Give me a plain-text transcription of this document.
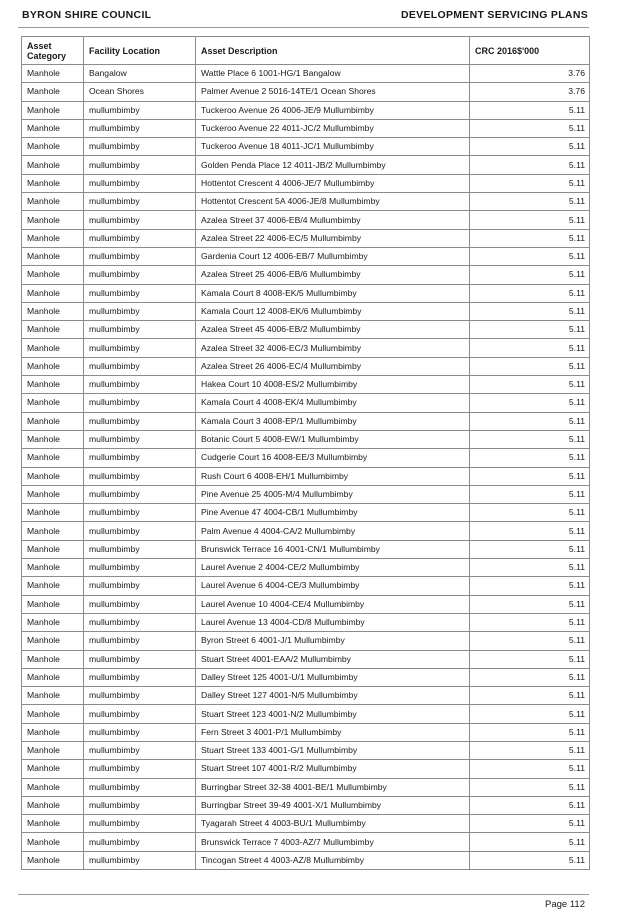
BYRON SHIRE COUNCIL	DEVELOPMENT SERVICING PLANS
Asset Category	Facility Location	Asset Description	CRC 2016$'000
Manhole	Bangalow	Wattle Place 6 1001-HG/1 Bangalow	3.76
Manhole	Ocean Shores	Palmer Avenue 2 5016-14TE/1 Ocean Shores	3.76
Manhole	mullumbimby	Tuckeroo Avenue 26 4006-JE/9 Mullumbimby	5.11
Manhole	mullumbimby	Tuckeroo Avenue 22 4011-JC/2 Mullumbimby	5.11
Manhole	mullumbimby	Tuckeroo Avenue 18 4011-JC/1 Mullumbimby	5.11
Manhole	mullumbimby	Golden Penda Place 12 4011-JB/2 Mullumbimby	5.11
Manhole	mullumbimby	Hottentot Crescent 4 4006-JE/7 Mullumbimby	5.11
Manhole	mullumbimby	Hottentot Crescent 5A 4006-JE/8 Mullumbimby	5.11
Manhole	mullumbimby	Azalea Street 37 4006-EB/4 Mullumbimby	5.11
Manhole	mullumbimby	Azalea Street 22 4006-EC/5 Mullumbimby	5.11
Manhole	mullumbimby	Gardenia Court 12 4006-EB/7 Mullumbimby	5.11
Manhole	mullumbimby	Azalea Street 25 4006-EB/6 Mullumbimby	5.11
Manhole	mullumbimby	Kamala Court 8 4008-EK/5 Mullumbimby	5.11
Manhole	mullumbimby	Kamala Court 12 4008-EK/6 Mullumbimby	5.11
Manhole	mullumbimby	Azalea Street 45 4006-EB/2 Mullumbimby	5.11
Manhole	mullumbimby	Azalea Street 32 4006-EC/3 Mullumbimby	5.11
Manhole	mullumbimby	Azalea Street 26 4006-EC/4 Mullumbimby	5.11
Manhole	mullumbimby	Hakea Court 10 4008-ES/2 Mullumbimby	5.11
Manhole	mullumbimby	Kamala Court 4 4008-EK/4 Mullumbimby	5.11
Manhole	mullumbimby	Kamala Court 3 4008-EP/1 Mullumbimby	5.11
Manhole	mullumbimby	Botanic Court 5 4008-EW/1 Mullumbimby	5.11
Manhole	mullumbimby	Cudgerie Court 16 4008-EE/3 Mullumbimby	5.11
Manhole	mullumbimby	Rush Court 6 4008-EH/1 Mullumbimby	5.11
Manhole	mullumbimby	Pine Avenue 25 4005-M/4 Mullumbimby	5.11
Manhole	mullumbimby	Pine Avenue 47 4004-CB/1 Mullumbimby	5.11
Manhole	mullumbimby	Palm Avenue 4 4004-CA/2 Mullumbimby	5.11
Manhole	mullumbimby	Brunswick Terrace 16 4001-CN/1 Mullumbimby	5.11
Manhole	mullumbimby	Laurel Avenue 2 4004-CE/2 Mullumbimby	5.11
Manhole	mullumbimby	Laurel Avenue 6 4004-CE/3 Mullumbimby	5.11
Manhole	mullumbimby	Laurel Avenue 10 4004-CE/4 Mullumbimby	5.11
Manhole	mullumbimby	Laurel Avenue 13 4004-CD/8 Mullumbimby	5.11
Manhole	mullumbimby	Byron Street 6 4001-J/1 Mullumbimby	5.11
Manhole	mullumbimby	Stuart Street 4001-EAA/2 Mullumbimby	5.11
Manhole	mullumbimby	Dalley Street 125 4001-U/1 Mullumbimby	5.11
Manhole	mullumbimby	Dalley Street 127 4001-N/5 Mullumbimby	5.11
Manhole	mullumbimby	Stuart Street 123 4001-N/2 Mullumbimby	5.11
Manhole	mullumbimby	Fern Street 3 4001-P/1 Mullumbimby	5.11
Manhole	mullumbimby	Stuart Street 133 4001-G/1 Mullumbimby	5.11
Manhole	mullumbimby	Stuart Street 107 4001-R/2 Mullumbimby	5.11
Manhole	mullumbimby	Burringbar Street 32-38 4001-BE/1 Mullumbimby	5.11
Manhole	mullumbimby	Burringbar Street 39-49 4001-X/1 Mullumbimby	5.11
Manhole	mullumbimby	Tyagarah Street 4 4003-BU/1 Mullumbimby	5.11
Manhole	mullumbimby	Brunswick Terrace 7 4003-AZ/7 Mullumbimby	5.11
Manhole	mullumbimby	Tincogan Street 4 4003-AZ/8 Mullumbimby	5.11
Page 112
